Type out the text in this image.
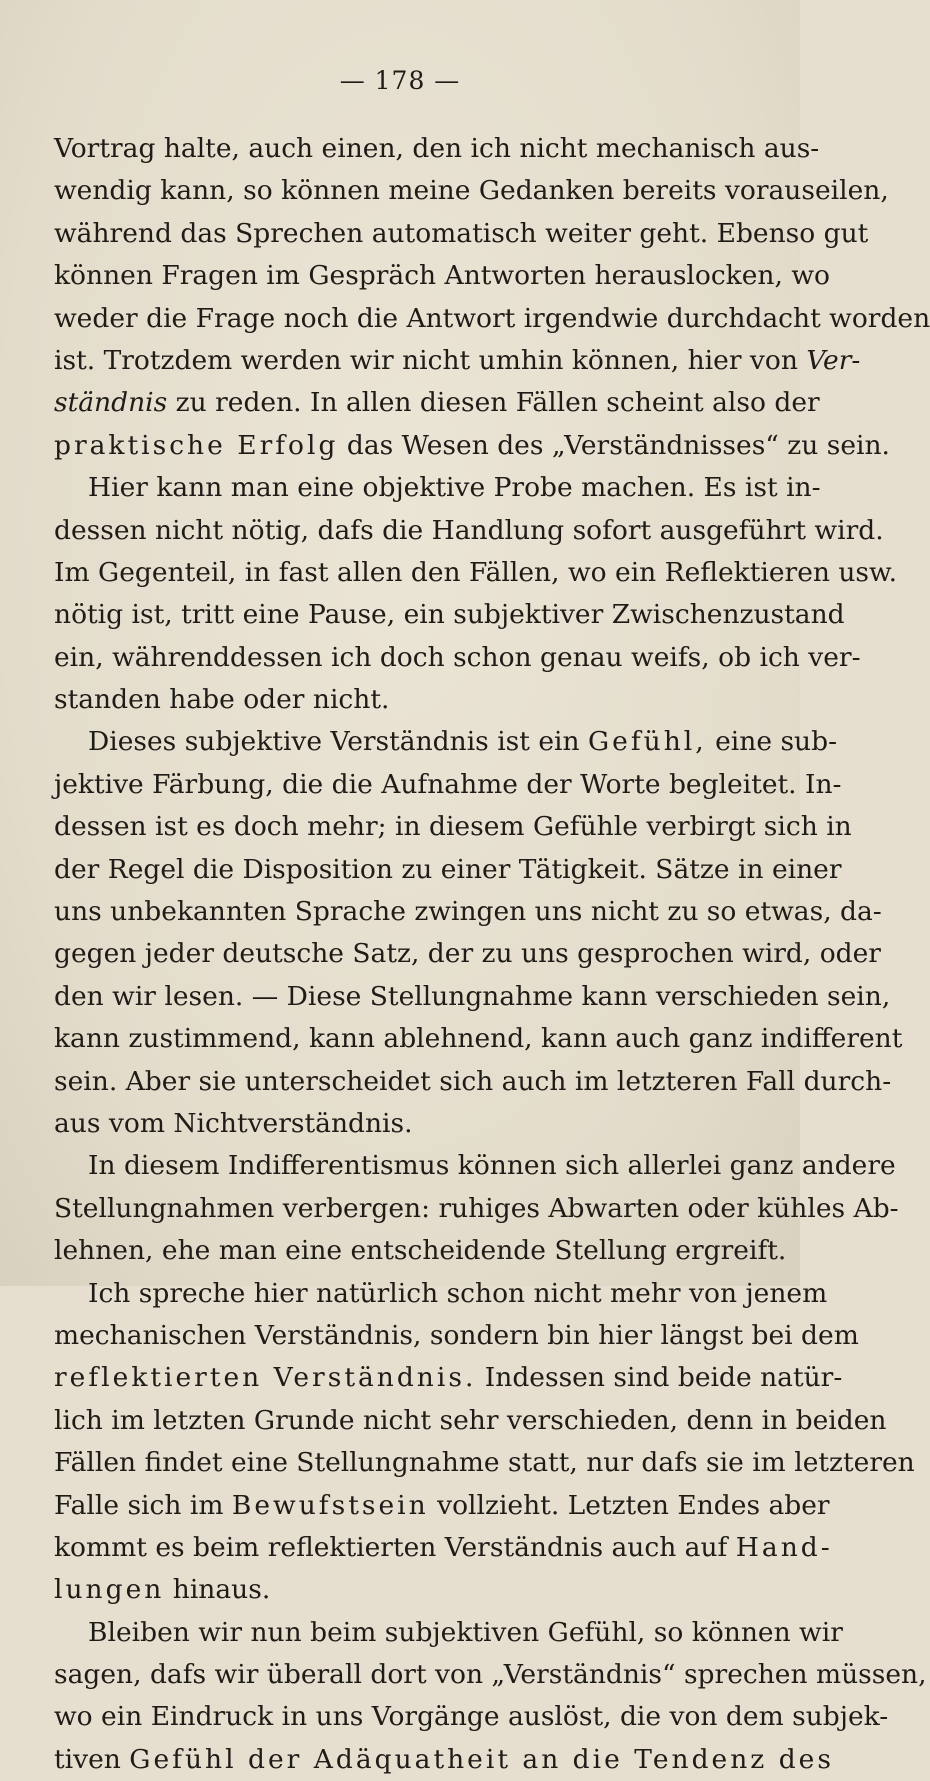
— 178 —
Vortrag halte, auch einen, den ich nicht mechanisch aus-
wendig kann, so können meine Gedanken bereits vorauseilen,
während das Sprechen automatisch weiter geht. Ebenso gut
können Fragen im Gespräch Antworten herauslocken, wo
weder die Frage noch die Antwort irgendwie durchdacht worden
ist. Trotzdem werden wir nicht umhin können, hier von Ver-
ständnis zu reden. In allen diesen Fällen scheint also der
praktische Erfolg das Wesen des „Verständnisses“ zu sein.
Hier kann man eine objektive Probe machen. Es ist in-
dessen nicht nötig, dafs die Handlung sofort ausgeführt wird.
Im Gegenteil, in fast allen den Fällen, wo ein Reflektieren usw.
nötig ist, tritt eine Pause, ein subjektiver Zwischenzustand
ein, währenddessen ich doch schon genau weifs, ob ich ver-
standen habe oder nicht.
Dieses subjektive Verständnis ist ein Gefühl, eine sub-
jektive Färbung, die die Aufnahme der Worte begleitet. In-
dessen ist es doch mehr; in diesem Gefühle verbirgt sich in
der Regel die Disposition zu einer Tätigkeit. Sätze in einer
uns unbekannten Sprache zwingen uns nicht zu so etwas, da-
gegen jeder deutsche Satz, der zu uns gesprochen wird, oder
den wir lesen. — Diese Stellungnahme kann verschieden sein,
kann zustimmend, kann ablehnend, kann auch ganz indifferent
sein. Aber sie unterscheidet sich auch im letzteren Fall durch-
aus vom Nichtverständnis.
In diesem Indifferentismus können sich allerlei ganz andere
Stellungnahmen verbergen: ruhiges Abwarten oder kühles Ab-
lehnen, ehe man eine entscheidende Stellung ergreift.
Ich spreche hier natürlich schon nicht mehr von jenem
mechanischen Verständnis, sondern bin hier längst bei dem
reflektierten Verständnis. Indessen sind beide natür-
lich im letzten Grunde nicht sehr verschieden, denn in beiden
Fällen findet eine Stellungnahme statt, nur dafs sie im letzteren
Falle sich im Bewufstsein vollzieht. Letzten Endes aber
kommt es beim reflektierten Verständnis auch auf Hand-
lungen hinaus.
Bleiben wir nun beim subjektiven Gefühl, so können wir
sagen, dafs wir überall dort von „Verständnis“ sprechen müssen,
wo ein Eindruck in uns Vorgänge auslöst, die von dem subjek-
tiven Gefühl der Adäquatheit an die Tendenz des
